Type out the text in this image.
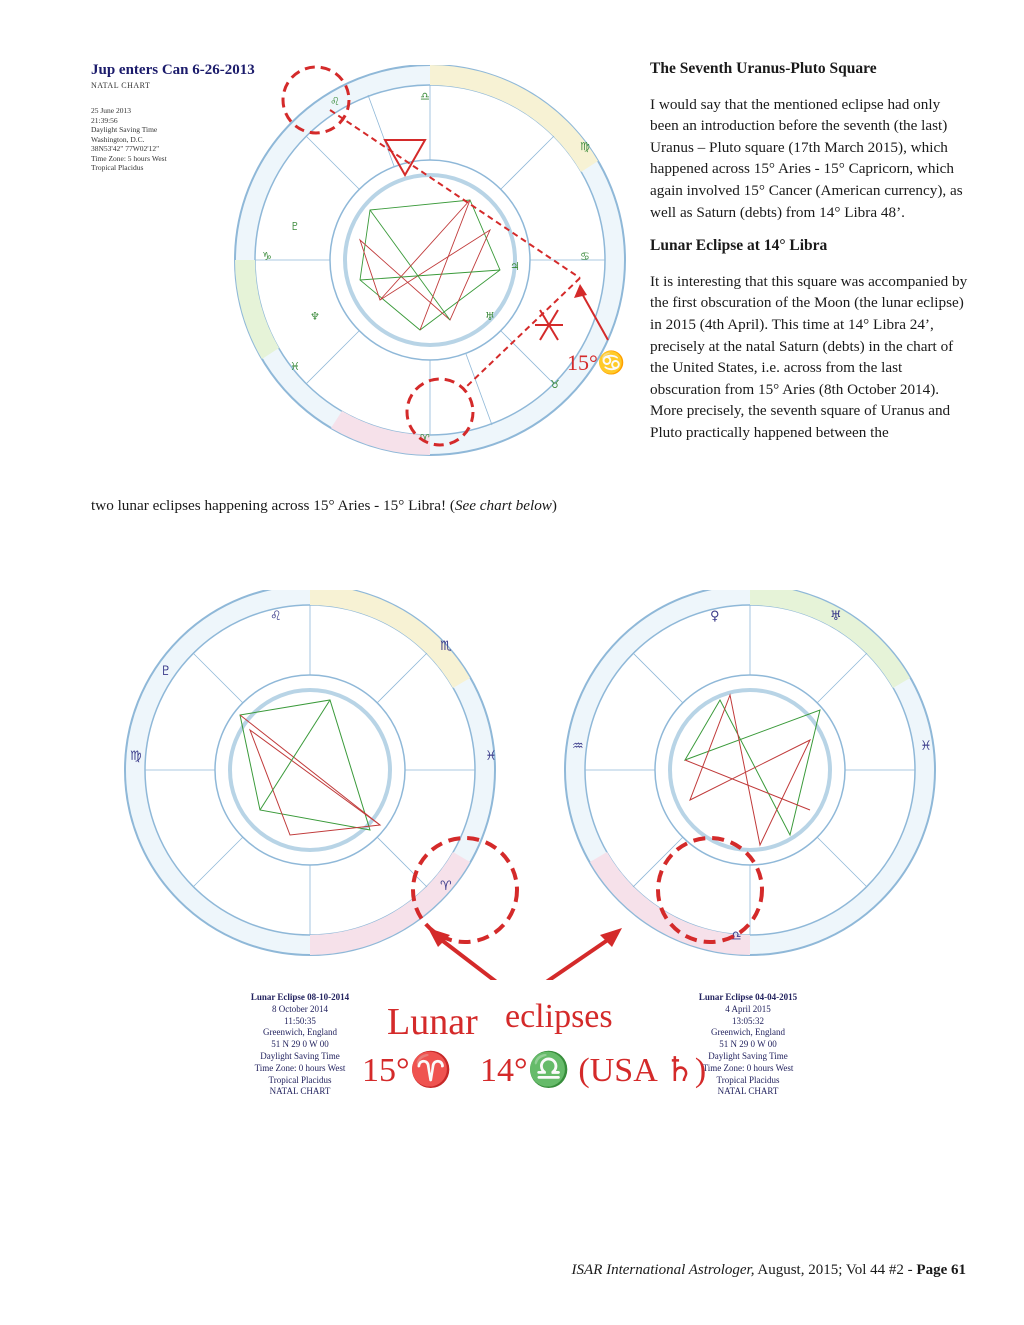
Jup enters Can 6-26-2013
NATAL CHART
25 June 2013
21:39:56
Daylight Saving Time
Washington, D.C.
38N53'42" 77W02'12"
Time Zone: 5 hours West
Tropical Placidus
♌
♍
♑	♋
♎
♈
♓
♉
♃
♅
♆
♇
15°♋
The Seventh Uranus-Pluto Square

I would say that the mentioned eclipse had only been an introduction before the seventh (the last) Uranus – Pluto square (17th March 2015), which happened across 15° Aries - 15° Capricorn, which again involved 15° Cancer (American currency), as well as Saturn (debts) from 14° Libra 48’.

Lunar Eclipse at 14° Libra

It is interesting that this square was accompanied by the first obscuration of the Moon (the lunar eclipse) in 2015 (4th April). This time at 14° Libra 24’, precisely at the natal Saturn (debts) in the chart of the United States, i.e. across from the last obscuration from 15° Aries (8th October 2014). More precisely, the seventh square of Uranus and Pluto practically happened between the

two lunar eclipses happening across 15° Aries - 15° Libra! (See chart below)
♇
♌
♏
♍	♓
♈
♀	♅
♒	♓
♎
Lunar Eclipse 08-10-2014
8 October 2014
11:50:35
Greenwich, England
51 N 29 0 W 00
Daylight Saving Time
Time Zone: 0 hours West
Tropical Placidus
NATAL CHART
Lunar Eclipse 04-04-2015
4 April 2015
13:05:32
Greenwich, England
51 N 29 0 W 00
Daylight Saving Time
Time Zone: 0 hours West
Tropical Placidus
NATAL CHART
Lunar eclipses
15°♈ 14°♎ (USA ♄)
ISAR International Astrologer, August, 2015; Vol 44 #2 - Page 61
